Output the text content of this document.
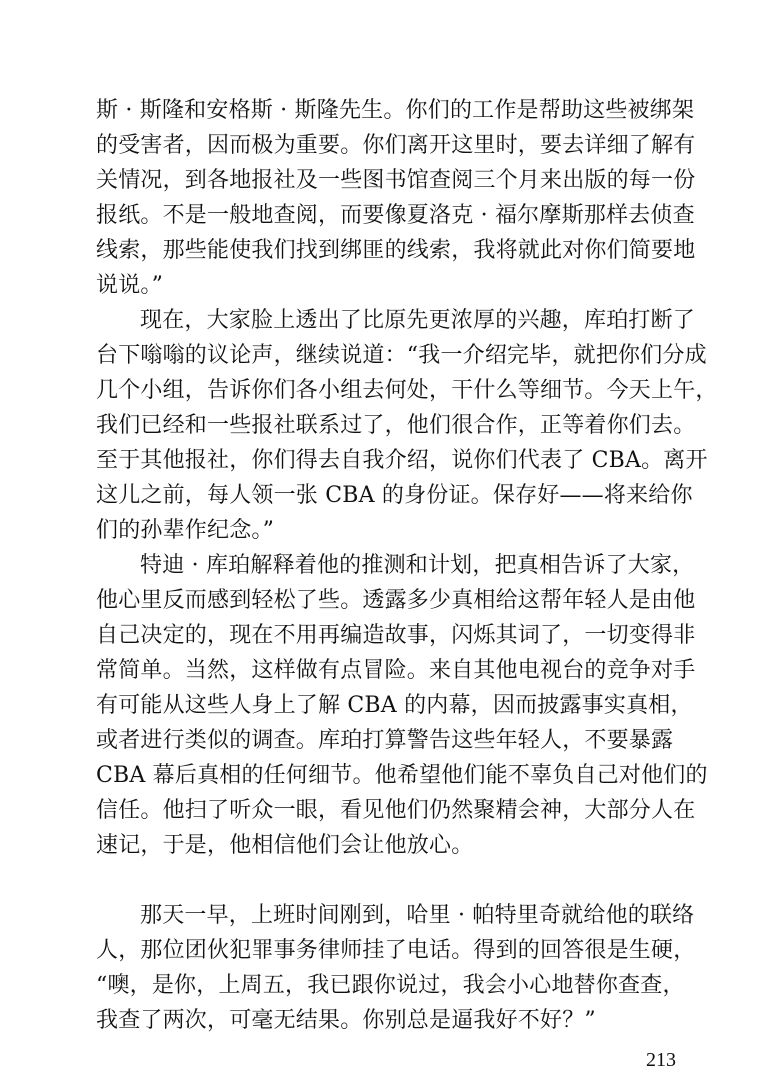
斯 · 斯隆和安格斯 · 斯隆先生。你们的工作是帮助这些被绑架
的受害者，因而极为重要。你们离开这里时，要去详细了解有
关情况，到各地报社及一些图书馆查阅三个月来出版的每一份
报纸。不是一般地查阅，而要像夏洛克 · 福尔摩斯那样去侦查
线索，那些能使我们找到绑匪的线索，我将就此对你们简要地
说说。”
现在，大家脸上透出了比原先更浓厚的兴趣，库珀打断了
台下嗡嗡的议论声，继续说道：“我一介绍完毕，就把你们分成
几个小组，告诉你们各小组去何处，干什么等细节。今天上午，
我们已经和一些报社联系过了，他们很合作，正等着你们去。
至于其他报社，你们得去自我介绍，说你们代表了 CBA。离开
这儿之前，每人领一张 CBA 的身份证。保存好——将来给你
们的孙辈作纪念。”
特迪 · 库珀解释着他的推测和计划，把真相告诉了大家，
他心里反而感到轻松了些。透露多少真相给这帮年轻人是由他
自己决定的，现在不用再编造故事，闪烁其词了，一切变得非
常简单。当然，这样做有点冒险。来自其他电视台的竞争对手
有可能从这些人身上了解 CBA 的内幕，因而披露事实真相，
或者进行类似的调查。库珀打算警告这些年轻人，不要暴露
CBA 幕后真相的任何细节。他希望他们能不辜负自己对他们的
信任。他扫了听众一眼，看见他们仍然聚精会神，大部分人在
速记，于是，他相信他们会让他放心。
那天一早，上班时间刚到，哈里 · 帕特里奇就给他的联络
人，那位团伙犯罪事务律师挂了电话。得到的回答很是生硬，
“噢，是你，上周五，我已跟你说过，我会小心地替你查查，
我查了两次，可毫无结果。你别总是逼我好不好？”
213
